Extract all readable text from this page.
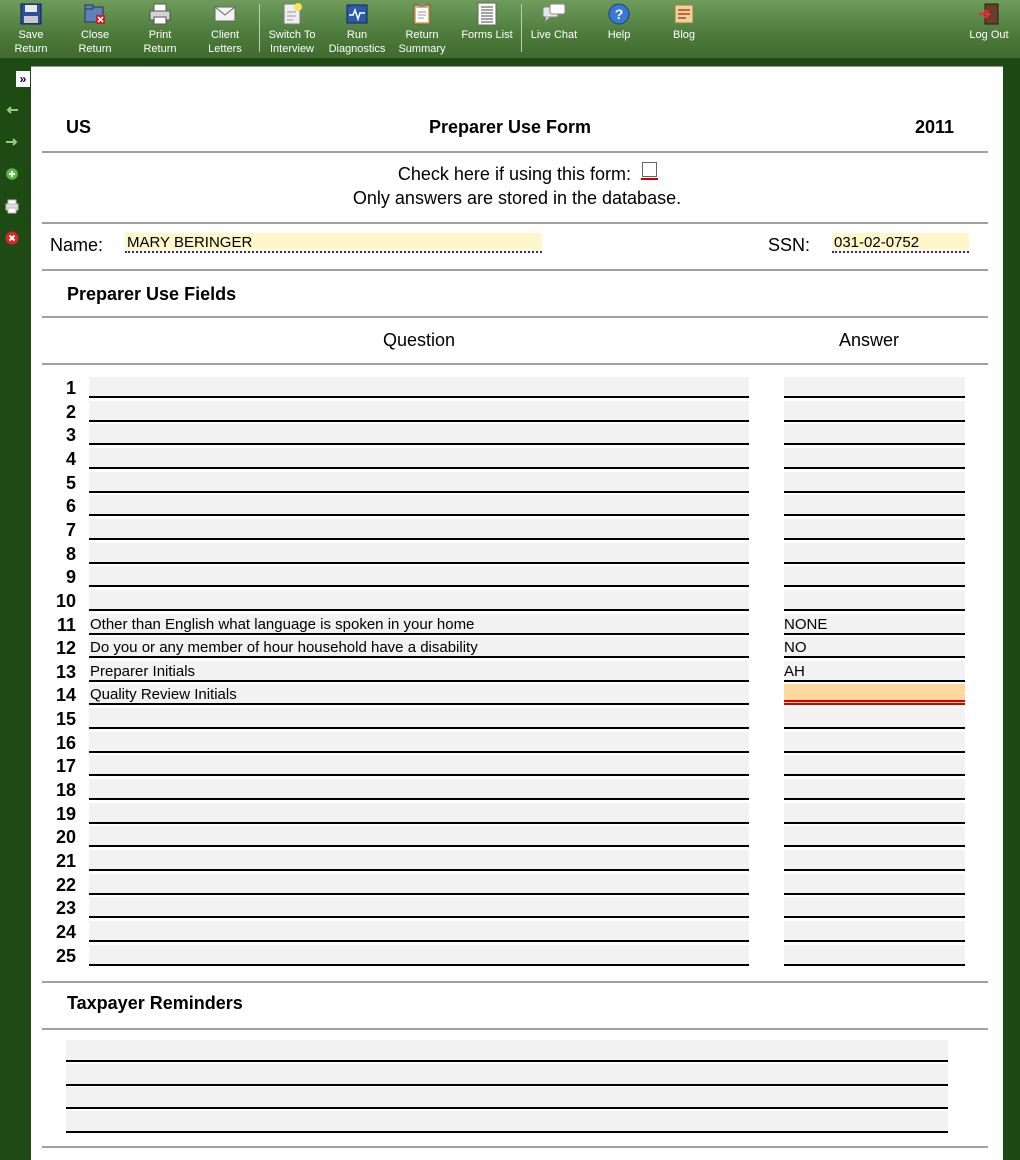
Save
Return
Close
Return
Print
Return
Client
Letters
Switch To
Interview
Run
Diagnostics
Return
Summary
Forms List	Live Chat
?
Help	Blog	Log Out
»
US	Preparer Use Form	2011
Check here if using this form:
Only answers are stored in the database.
Name: MARY BERINGER	SSN: 031-02-0752
Preparer Use Fields
Question	Answer
1
2
3
4
5
6
7
8
9
10
11 Other than English what language is spoken in your home	NONE
12 Do you or any member of hour household have a disability	NO
13 Preparer Initials	AH
14 Quality Review Initials
15
16
17
18
19
20
21
22
23
24
25
Taxpayer Reminders
